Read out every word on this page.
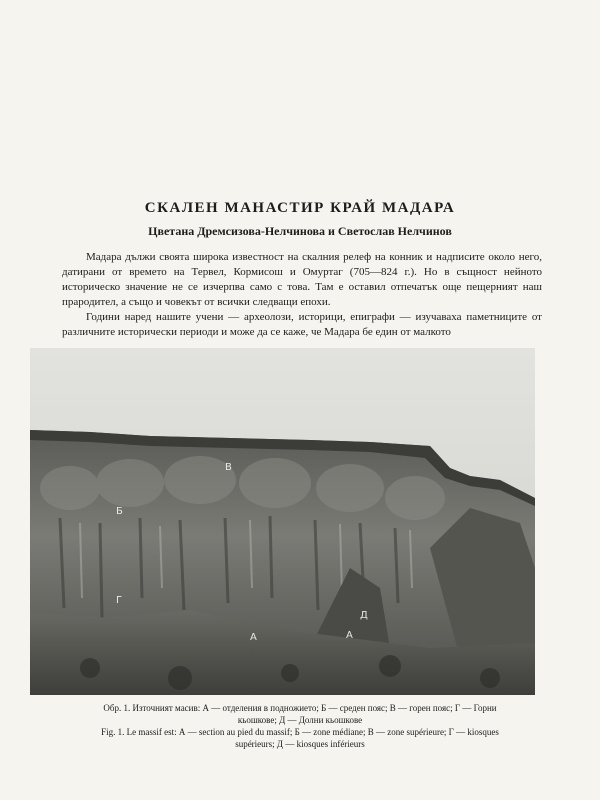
СКАЛЕН МАНАСТИР КРАЙ МАДАРА
Цветана Дремсизова-Нелчинова и Светослав Нелчинов

Мадара дължи своята широка известност на скалния релеф на конник и надписите около него, датирани от времето на Тервел, Кормисош и Омуртаг (705—824 г.). Но в същност нейното историческо значение не се изчерпва само с това. Там е оставил отпечатък още пещерният наш прародител, а също и човекът от всички следващи епохи.

Години наред нашите учени — археолози, историци, епиграфи — изучаваха паметниците от различните исторически периоди и може да се каже, че Мадара бе един от малкото

Б
В
А	А
Г
Д
Обр. 1. Източният масив: А — отделения в подножието; Б — среден пояс; В — горен пояс; Г — Горни
кьошкове; Д — Долни кьошкове
Fig. 1. Le massif est: А — section au pied du massif; Б — zone médiane; В — zone supérieure; Г — kiosques
supérieurs; Д — kiosques inférieurs
